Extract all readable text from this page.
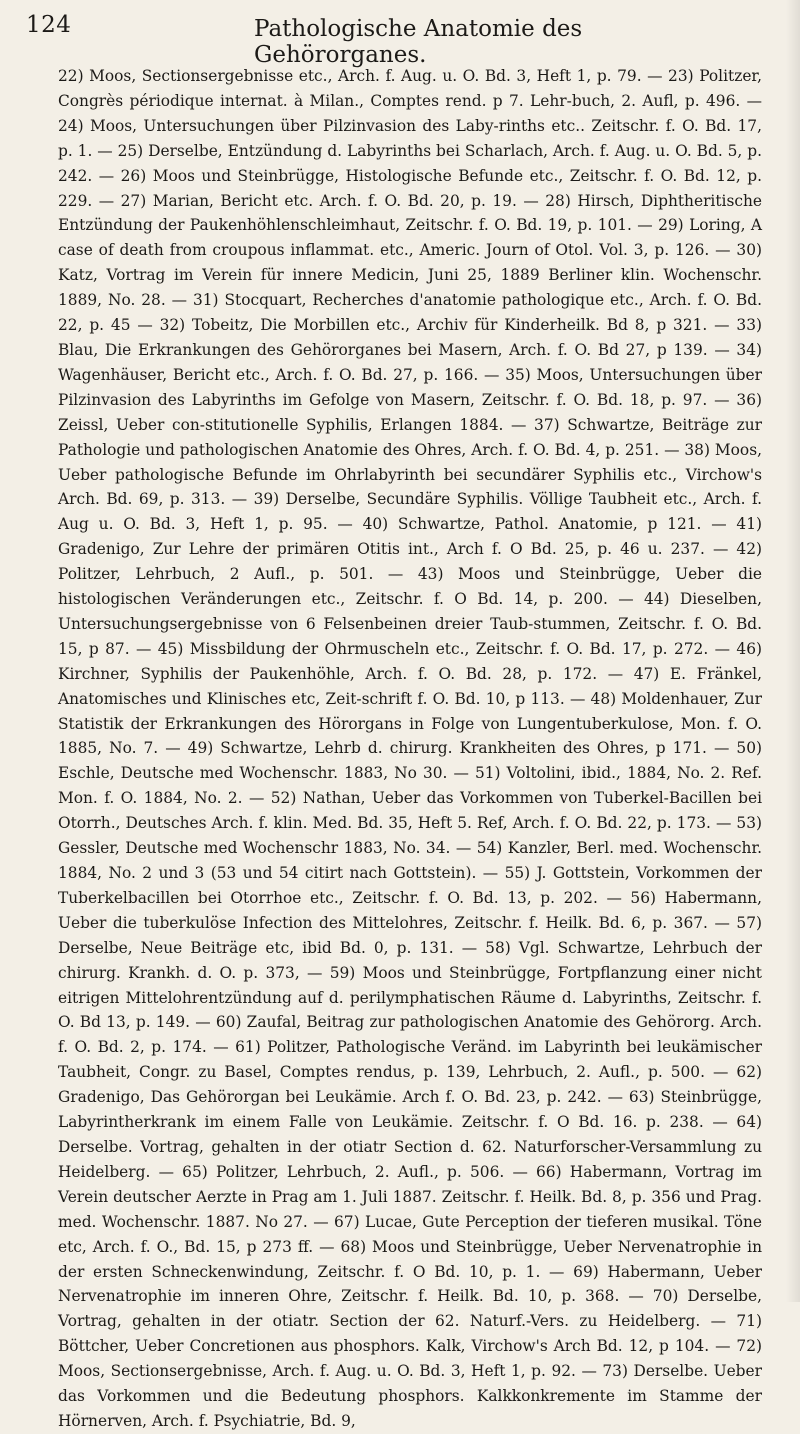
124	Pathologische Anatomie des Gehörorganes.

22) Moos, Sectionsergebnisse etc., Arch. f. Aug. u. O. Bd. 3, Heft 1, p. 79. — 23) Politzer, Congrès périodique internat. à Milan., Comptes rend. p 7. Lehr-buch, 2. Aufl, p. 496. — 24) Moos, Untersuchungen über Pilzinvasion des Laby-rinths etc.. Zeitschr. f. O. Bd. 17, p. 1. — 25) Derselbe, Entzündung d. Labyrinths bei Scharlach, Arch. f. Aug. u. O. Bd. 5, p. 242. — 26) Moos und Steinbrügge, Histologische Befunde etc., Zeitschr. f. O. Bd. 12, p. 229. — 27) Marian, Bericht etc. Arch. f. O. Bd. 20, p. 19. — 28) Hirsch, Diphtheritische Entzündung der Paukenhöhlenschleimhaut, Zeitschr. f. O. Bd. 19, p. 101. — 29) Loring, A case of death from croupous inflammat. etc., Americ. Journ of Otol. Vol. 3, p. 126. — 30) Katz, Vortrag im Verein für innere Medicin, Juni 25, 1889 Berliner klin. Wochenschr. 1889, No. 28. — 31) Stocquart, Recherches d'anatomie pathologique etc., Arch. f. O. Bd. 22, p. 45 — 32) Tobeitz, Die Morbillen etc., Archiv für Kinderheilk. Bd 8, p 321. — 33) Blau, Die Erkrankungen des Gehörorganes bei Masern, Arch. f. O. Bd 27, p 139. — 34) Wagenhäuser, Bericht etc., Arch. f. O. Bd. 27, p. 166. — 35) Moos, Untersuchungen über Pilzinvasion des Labyrinths im Gefolge von Masern, Zeitschr. f. O. Bd. 18, p. 97. — 36) Zeissl, Ueber con-stitutionelle Syphilis, Erlangen 1884. — 37) Schwartze, Beiträge zur Pathologie und pathologischen Anatomie des Ohres, Arch. f. O. Bd. 4, p. 251. — 38) Moos, Ueber pathologische Befunde im Ohrlabyrinth bei secundärer Syphilis etc., Virchow's Arch. Bd. 69, p. 313. — 39) Derselbe, Secundäre Syphilis. Völlige Taubheit etc., Arch. f. Aug u. O. Bd. 3, Heft 1, p. 95. — 40) Schwartze, Pathol. Anatomie, p 121. — 41) Gradenigo, Zur Lehre der primären Otitis int., Arch f. O Bd. 25, p. 46 u. 237. — 42) Politzer, Lehrbuch, 2 Aufl., p. 501. — 43) Moos und Steinbrügge, Ueber die histologischen Veränderungen etc., Zeitschr. f. O Bd. 14, p. 200. — 44) Dieselben, Untersuchungsergebnisse von 6 Felsenbeinen dreier Taub-stummen, Zeitschr. f. O. Bd. 15, p 87. — 45) Missbildung der Ohrmuscheln etc., Zeitschr. f. O. Bd. 17, p. 272. — 46) Kirchner, Syphilis der Paukenhöhle, Arch. f. O. Bd. 28, p. 172. — 47) E. Fränkel, Anatomisches und Klinisches etc, Zeit-schrift f. O. Bd. 10, p 113. — 48) Moldenhauer, Zur Statistik der Erkrankungen des Hörorgans in Folge von Lungentuberkulose, Mon. f. O. 1885, No. 7. — 49) Schwartze, Lehrb d. chirurg. Krankheiten des Ohres, p 171. — 50) Eschle, Deutsche med Wochenschr. 1883, No 30. — 51) Voltolini, ibid., 1884, No. 2. Ref. Mon. f. O. 1884, No. 2. — 52) Nathan, Ueber das Vorkommen von Tuberkel-Bacillen bei Otorrh., Deutsches Arch. f. klin. Med. Bd. 35, Heft 5. Ref, Arch. f. O. Bd. 22, p. 173. — 53) Gessler, Deutsche med Wochenschr 1883, No. 34. — 54) Kanzler, Berl. med. Wochenschr. 1884, No. 2 und 3 (53 und 54 citirt nach Gottstein). — 55) J. Gottstein, Vorkommen der Tuberkelbacillen bei Otorrhoe etc., Zeitschr. f. O. Bd. 13, p. 202. — 56) Habermann, Ueber die tuberkulöse Infection des Mittelohres, Zeitschr. f. Heilk. Bd. 6, p. 367. — 57) Derselbe, Neue Beiträge etc, ibid Bd. 0, p. 131. — 58) Vgl. Schwartze, Lehrbuch der chirurg. Krankh. d. O. p. 373, — 59) Moos und Steinbrügge, Fortpflanzung einer nicht eitrigen Mittelohrentzündung auf d. perilymphatischen Räume d. Labyrinths, Zeitschr. f. O. Bd 13, p. 149. — 60) Zaufal, Beitrag zur pathologischen Anatomie des Gehörorg. Arch. f. O. Bd. 2, p. 174. — 61) Politzer, Pathologische Veränd. im Labyrinth bei leukämischer Taubheit, Congr. zu Basel, Comptes rendus, p. 139, Lehrbuch, 2. Aufl., p. 500. — 62) Gradenigo, Das Gehörorgan bei Leukämie. Arch f. O. Bd. 23, p. 242. — 63) Steinbrügge, Labyrintherkrank im einem Falle von Leukämie. Zeitschr. f. O Bd. 16. p. 238. — 64) Derselbe. Vortrag, gehalten in der otiatr Section d. 62. Naturforscher-Versammlung zu Heidelberg. — 65) Politzer, Lehrbuch, 2. Aufl., p. 506. — 66) Habermann, Vortrag im Verein deutscher Aerzte in Prag am 1. Juli 1887. Zeitschr. f. Heilk. Bd. 8, p. 356 und Prag. med. Wochenschr. 1887. No 27. — 67) Lucae, Gute Perception der tieferen musikal. Töne etc, Arch. f. O., Bd. 15, p 273 ff. — 68) Moos und Steinbrügge, Ueber Nervenatrophie in der ersten Schneckenwindung, Zeitschr. f. O Bd. 10, p. 1. — 69) Habermann, Ueber Nervenatrophie im inneren Ohre, Zeitschr. f. Heilk. Bd. 10, p. 368. — 70) Derselbe, Vortrag, gehalten in der otiatr. Section der 62. Naturf.-Vers. zu Heidelberg. — 71) Böttcher, Ueber Concretionen aus phosphors. Kalk, Virchow's Arch Bd. 12, p 104. — 72) Moos, Sectionsergebnisse, Arch. f. Aug. u. O. Bd. 3, Heft 1, p. 92. — 73) Derselbe. Ueber das Vorkommen und die Bedeutung phosphors. Kalkkonkremente im Stamme der Hörnerven, Arch. f. Psychiatrie, Bd. 9,
